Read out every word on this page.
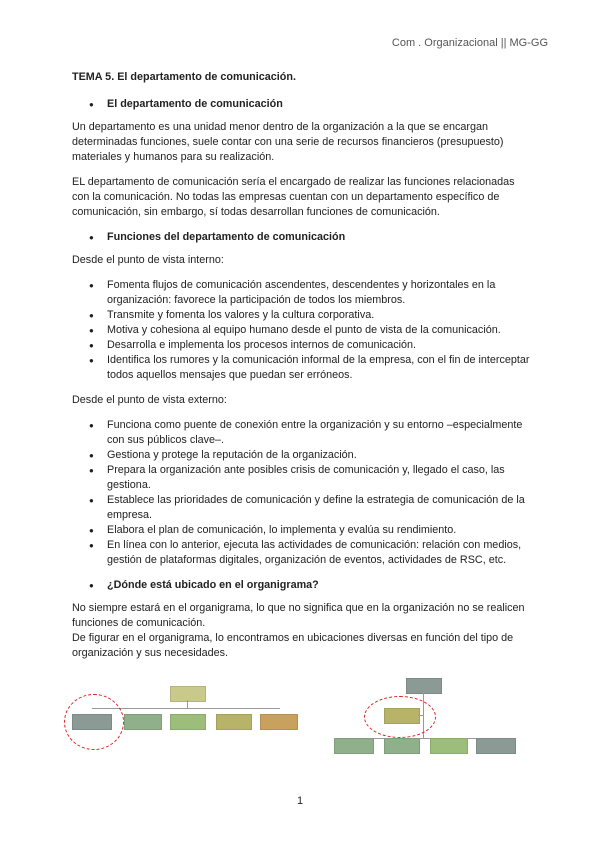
Com . Organizacional || MG-GG
TEMA 5. El departamento de comunicación.
● El departamento de comunicación

Un departamento es una unidad menor dentro de la organización a la que se encargan determinadas funciones, suele contar con una serie de recursos financieros (presupuesto) materiales y humanos para su realización.

EL departamento de comunicación sería el encargado de realizar las funciones relacionadas con la comunicación. No todas las empresas cuentan con un departamento específico de comunicación, sin embargo, sí todas desarrollan funciones de comunicación.

● Funciones del departamento de comunicación

Desde el punto de vista interno:

● Fomenta flujos de comunicación ascendentes, descendentes y horizontales en la organización: favorece la participación de todos los miembros.
● Transmite y fomenta los valores y la cultura corporativa.
● Motiva y cohesiona al equipo humano desde el punto de vista de la comunicación.
● Desarrolla e implementa los procesos internos de comunicación.
● Identifica los rumores y la comunicación informal de la empresa, con el fin de interceptar todos aquellos mensajes que puedan ser erróneos.

Desde el punto de vista externo:

● Funciona como puente de conexión entre la organización y su entorno –especialmente con sus públicos clave–.
● Gestiona y protege la reputación de la organización.
● Prepara la organización ante posibles crisis de comunicación y, llegado el caso, las gestiona.
● Establece las prioridades de comunicación y define la estrategia de comunicación de la empresa.
● Elabora el plan de comunicación, lo implementa y evalúa su rendimiento.
● En línea con lo anterior, ejecuta las actividades de comunicación: relación con medios, gestión de plataformas digitales, organización de eventos, actividades de RSC, etc.
● ¿Dónde está ubicado en el organigrama?

No siempre estará en el organigrama, lo que no significa que en la organización no se realicen funciones de comunicación.

De figurar en el organigrama, lo encontramos en ubicaciones diversas en función del tipo de organización y sus necesidades.

1
